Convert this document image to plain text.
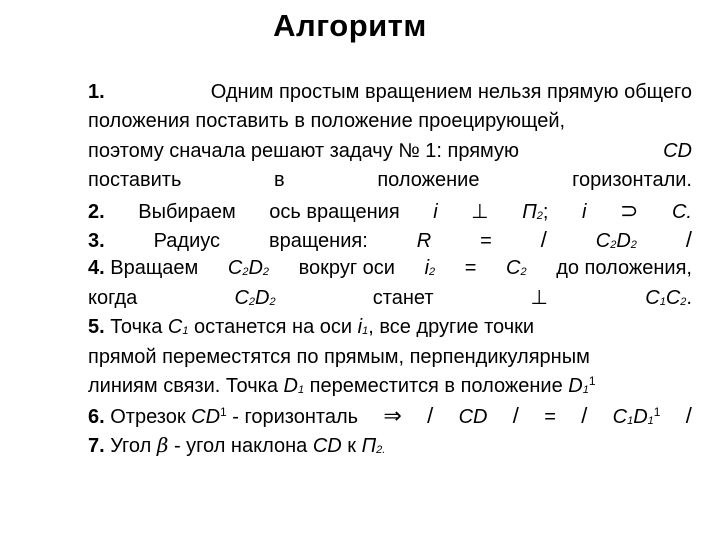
Алгоритм
1.	Одним простым вращением нельзя прямую общего
положения поставить в положение проецирующей,
поэтому сначала решают задачу № 1: прямую	CD
поставить	в	положение	горизонтали.
2. Выбираем ось вращения i ⊥ П2; i ⊃ C.
3. Радиус вращения: R = / C2D2 /
4. Вращаем C2D2 вокруг оси i2 = C2 до положения,
когда	C2D2	станет	⊥	C1C2.
5. Точка C1 останется на оси i1, все другие точки
прямой переместятся по прямым, перпендикулярным
линиям связи. Точка
D1
переместится в положение
$D1^1$
6. Отрезок $CD^1$ - горизонталь ⇒ / CD / = / $C1D1^1$ /
7.
Угол
β
- угол наклона
CD
к
П2.
